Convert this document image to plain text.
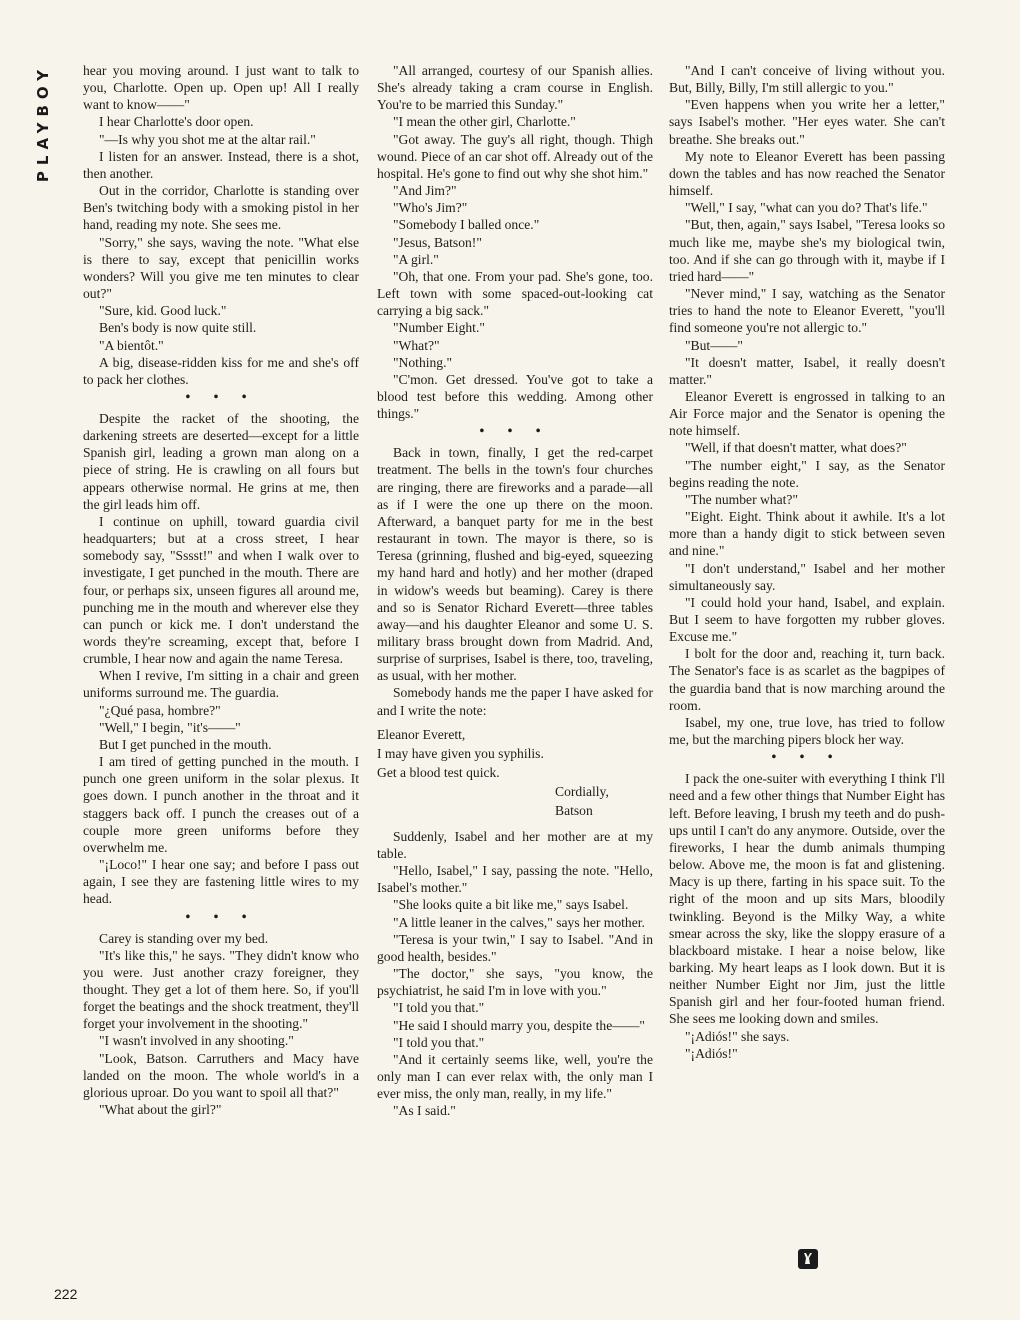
PLAYBOY	hear you moving around. I just want to talk to you, Charlotte. Open up. Open up! All I really want to know——"

I hear Charlotte's door open.

"—Is why you shot me at the altar rail."

I listen for an answer. Instead, there is a shot, then another.

Out in the corridor, Charlotte is standing over Ben's twitching body with a smoking pistol in her hand, reading my note. She sees me.

"Sorry," she says, waving the note. "What else is there to say, except that penicillin works wonders? Will you give me ten minutes to clear out?"

"Sure, kid. Good luck."

Ben's body is now quite still.

"A bientôt."

A big, disease-ridden kiss for me and she's off to pack her clothes.

• • •

Despite the racket of the shooting, the darkening streets are deserted—except for a little Spanish girl, leading a grown man along on a piece of string. He is crawling on all fours but appears otherwise normal. He grins at me, then the girl leads him off.

I continue on uphill, toward guardia civil headquarters; but at a cross street, I hear somebody say, "Sssst!" and when I walk over to investigate, I get punched in the mouth. There are four, or perhaps six, unseen figures all around me, punching me in the mouth and wherever else they can punch or kick me. I don't understand the words they're screaming, except that, before I crumble, I hear now and again the name Teresa.

When I revive, I'm sitting in a chair and green uniforms surround me. The guardia.

"¿Qué pasa, hombre?"

"Well," I begin, "it's——"

But I get punched in the mouth.

I am tired of getting punched in the mouth. I punch one green uniform in the solar plexus. It goes down. I punch another in the throat and it staggers back off. I punch the creases out of a couple more green uniforms before they overwhelm me.

"¡Loco!" I hear one say; and before I pass out again, I see they are fastening little wires to my head.

• • •

Carey is standing over my bed.

"It's like this," he says. "They didn't know who you were. Just another crazy foreigner, they thought. They get a lot of them here. So, if you'll forget the beatings and the shock treatment, they'll forget your involvement in the shooting."

"I wasn't involved in any shooting."

"Look, Batson. Carruthers and Macy have landed on the moon. The whole world's in a glorious uproar. Do you want to spoil all that?"

"What about the girl?"

"All arranged, courtesy of our Spanish allies. She's already taking a cram course in English. You're to be married this Sunday."

"I mean the other girl, Charlotte."

"Got away. The guy's all right, though. Thigh wound. Piece of an car shot off. Already out of the hospital. He's gone to find out why she shot him."

"And Jim?"

"Who's Jim?"

"Somebody I balled once."

"Jesus, Batson!"

"A girl."

"Oh, that one. From your pad. She's gone, too. Left town with some spaced-out-looking cat carrying a big sack."

"Number Eight."

"What?"

"Nothing."

"C'mon. Get dressed. You've got to take a blood test before this wedding. Among other things."

• • •

Back in town, finally, I get the red-carpet treatment. The bells in the town's four churches are ringing, there are fireworks and a parade—all as if I were the one up there on the moon. Afterward, a banquet party for me in the best restaurant in town. The mayor is there, so is Teresa (grinning, flushed and big-eyed, squeezing my hand hard and hotly) and her mother (draped in widow's weeds but beaming). Carey is there and so is Senator Richard Everett—three tables away—and his daughter Eleanor and some U. S. military brass brought down from Madrid. And, surprise of surprises, Isabel is there, too, traveling, as usual, with her mother.

Somebody hands me the paper I have asked for and I write the note:

Eleanor Everett,
I may have given you syphilis.
Get a blood test quick.
Cordially,
Batson

Suddenly, Isabel and her mother are at my table.

"Hello, Isabel," I say, passing the note. "Hello, Isabel's mother."

"She looks quite a bit like me," says Isabel.

"A little leaner in the calves," says her mother.

"Teresa is your twin," I say to Isabel. "And in good health, besides."

"The doctor," she says, "you know, the psychiatrist, he said I'm in love with you."

"I told you that."

"He said I should marry you, despite the——"

"I told you that."

"And it certainly seems like, well, you're the only man I can ever relax with, the only man I ever miss, the only man, really, in my life."

"As I said."

"And I can't conceive of living without you. But, Billy, Billy, I'm still allergic to you."

"Even happens when you write her a letter," says Isabel's mother. "Her eyes water. She can't breathe. She breaks out."

My note to Eleanor Everett has been passing down the tables and has now reached the Senator himself.

"Well," I say, "what can you do? That's life."

"But, then, again," says Isabel, "Teresa looks so much like me, maybe she's my biological twin, too. And if she can go through with it, maybe if I tried hard——"

"Never mind," I say, watching as the Senator tries to hand the note to Eleanor Everett, "you'll find someone you're not allergic to."

"But——"

"It doesn't matter, Isabel, it really doesn't matter."

Eleanor Everett is engrossed in talking to an Air Force major and the Senator is opening the note himself.

"Well, if that doesn't matter, what does?"

"The number eight," I say, as the Senator begins reading the note.

"The number what?"

"Eight. Eight. Think about it awhile. It's a lot more than a handy digit to stick between seven and nine."

"I don't understand," Isabel and her mother simultaneously say.

"I could hold your hand, Isabel, and explain. But I seem to have forgotten my rubber gloves. Excuse me."

I bolt for the door and, reaching it, turn back. The Senator's face is as scarlet as the bagpipes of the guardia band that is now marching around the room.

Isabel, my one, true love, has tried to follow me, but the marching pipers block her way.

• • •

I pack the one-suiter with everything I think I'll need and a few other things that Number Eight has left. Before leaving, I brush my teeth and do push-ups until I can't do any anymore. Outside, over the fireworks, I hear the dumb animals thumping below. Above me, the moon is fat and glistening. Macy is up there, farting in his space suit. To the right of the moon and up sits Mars, bloodily twinkling. Beyond is the Milky Way, a white smear across the sky, like the sloppy erasure of a blackboard mistake. I hear a noise below, like barking. My heart leaps as I look down. But it is neither Number Eight nor Jim, just the little Spanish girl and her four-footed human friend. She sees me looking down and smiles.

"¡Adiós!" she says.

"¡Adiós!"

222
